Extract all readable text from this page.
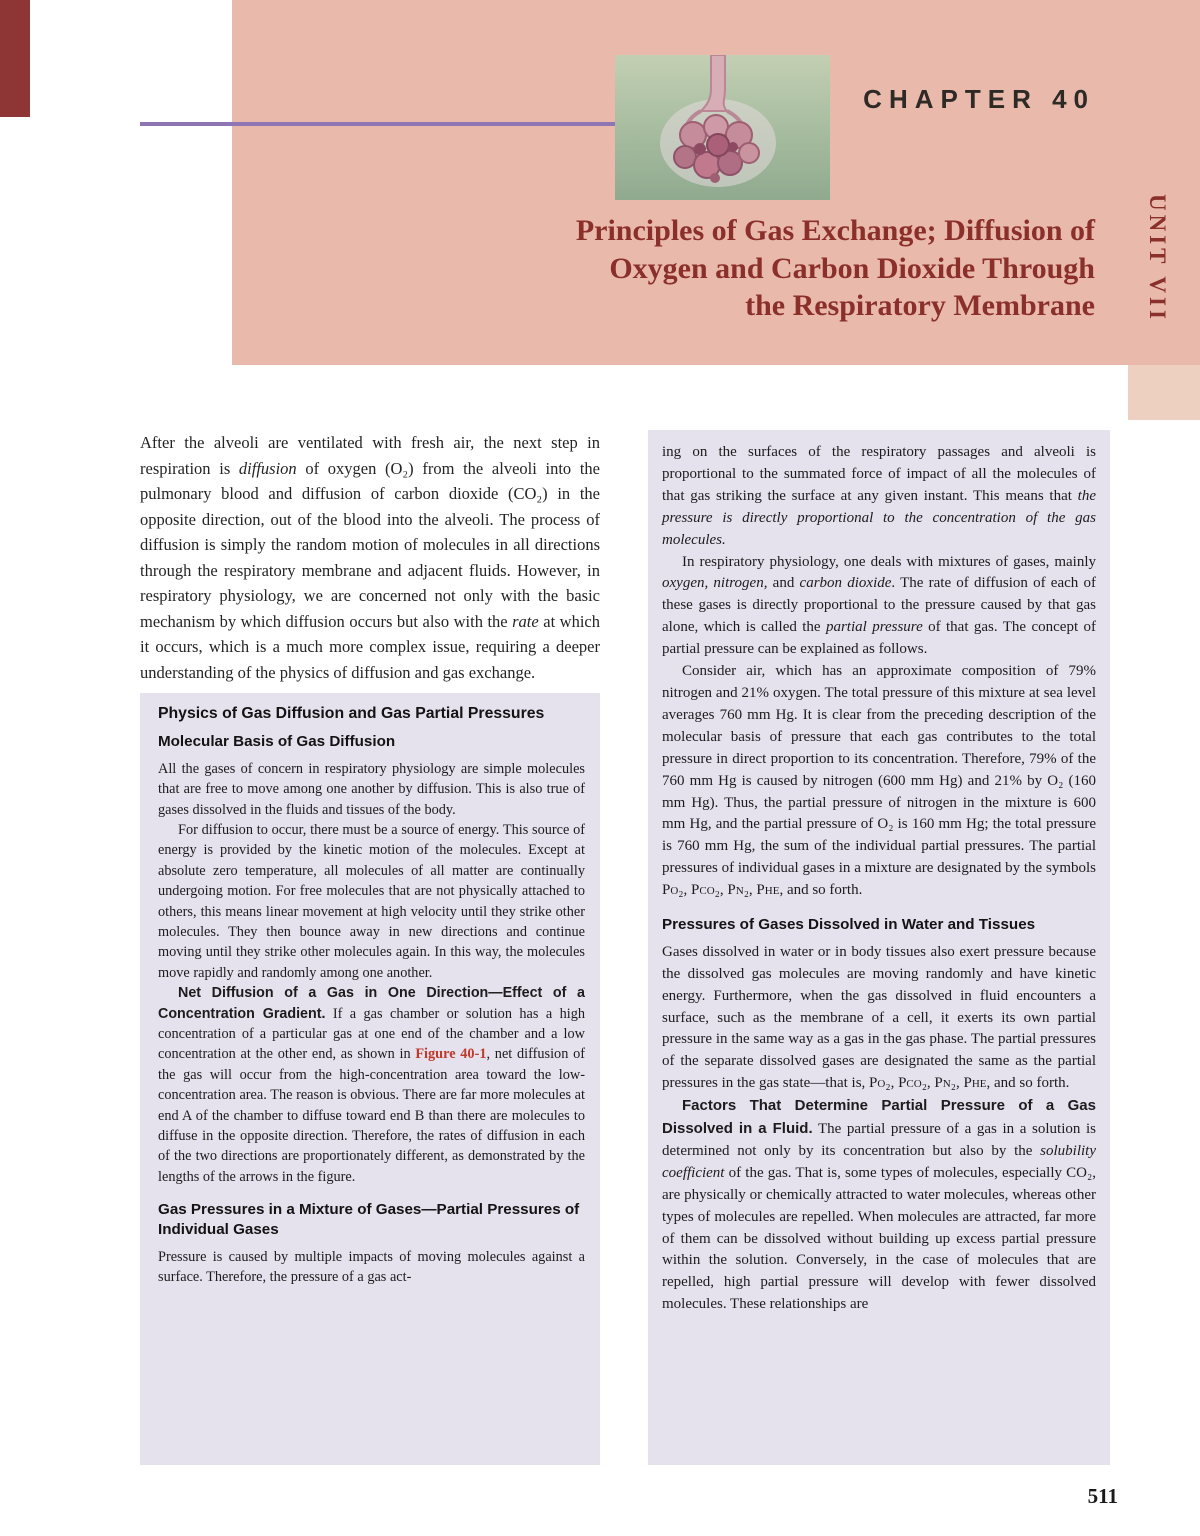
CHAPTER 40
Principles of Gas Exchange; Diffusion of
Oxygen and Carbon Dioxide Through
the Respiratory Membrane UNIT VII

After the alveoli are ventilated with fresh air, the next step in respiration is diffusion of oxygen (O₂) from the alveoli into the pulmonary blood and diffusion of carbon dioxide (CO₂) in the opposite direction, out of the blood into the alveoli. The process of diffusion is simply the random motion of molecules in all directions through the respiratory membrane and adjacent fluids. However, in respiratory physiology, we are concerned not only with the basic mechanism by which diffusion occurs but also with the rate at which it occurs, which is a much more complex issue, requiring a deeper understanding of the physics of diffusion and gas exchange.

Physics of Gas Diffusion and Gas Partial Pressures
Molecular Basis of Gas Diffusion

All the gases of concern in respiratory physiology are simple molecules that are free to move among one another by diffusion. This is also true of gases dissolved in the fluids and tissues of the body.

For diffusion to occur, there must be a source of energy. This source of energy is provided by the kinetic motion of the molecules. Except at absolute zero temperature, all molecules of all matter are continually undergoing motion. For free molecules that are not physically attached to others, this means linear movement at high velocity until they strike other molecules. They then bounce away in new directions and continue moving until they strike other molecules again. In this way, the molecules move rapidly and randomly among one another.

Net Diffusion of a Gas in One Direction—Effect of a Concentration Gradient. If a gas chamber or solution has a high concentration of a particular gas at one end of the chamber and a low concentration at the other end, as shown in Figure 40-1, net diffusion of the gas will occur from the high-concentration area toward the low-concentration area. The reason is obvious. There are far more molecules at end A of the chamber to diffuse toward end B than there are molecules to diffuse in the opposite direction. Therefore, the rates of diffusion in each of the two directions are proportionately different, as demonstrated by the lengths of the arrows in the figure.

Gas Pressures in a Mixture of Gases—Partial Pressures of Individual Gases

Pressure is caused by multiple impacts of moving molecules against a surface. Therefore, the pressure of a gas act-

ing on the surfaces of the respiratory passages and alveoli is proportional to the summated force of impact of all the molecules of that gas striking the surface at any given instant. This means that the pressure is directly proportional to the concentration of the gas molecules.

In respiratory physiology, one deals with mixtures of gases, mainly oxygen, nitrogen, and carbon dioxide. The rate of diffusion of each of these gases is directly proportional to the pressure caused by that gas alone, which is called the partial pressure of that gas. The concept of partial pressure can be explained as follows.

Consider air, which has an approximate composition of 79% nitrogen and 21% oxygen. The total pressure of this mixture at sea level averages 760 mm Hg. It is clear from the preceding description of the molecular basis of pressure that each gas contributes to the total pressure in direct proportion to its concentration. Therefore, 79% of the 760 mm Hg is caused by nitrogen (600 mm Hg) and 21% by O₂ (160 mm Hg). Thus, the partial pressure of nitrogen in the mixture is 600 mm Hg, and the partial pressure of O₂ is 160 mm Hg; the total pressure is 760 mm Hg, the sum of the individual partial pressures. The partial pressures of individual gases in a mixture are designated by the symbols Po₂, Pco₂, Pn₂, Phe, and so forth.

Pressures of Gases Dissolved in Water and Tissues

Gases dissolved in water or in body tissues also exert pressure because the dissolved gas molecules are moving randomly and have kinetic energy. Furthermore, when the gas dissolved in fluid encounters a surface, such as the membrane of a cell, it exerts its own partial pressure in the same way as a gas in the gas phase. The partial pressures of the separate dissolved gases are designated the same as the partial pressures in the gas state—that is, Po₂, Pco₂, Pn₂, Phe, and so forth.

Factors That Determine Partial Pressure of a Gas Dissolved in a Fluid. The partial pressure of a gas in a solution is determined not only by its concentration but also by the solubility coefficient of the gas. That is, some types of molecules, especially CO₂, are physically or chemically attracted to water molecules, whereas other types of molecules are repelled. When molecules are attracted, far more of them can be dissolved without building up excess partial pressure within the solution. Conversely, in the case of molecules that are repelled, high partial pressure will develop with fewer dissolved molecules. These relationships are

511
